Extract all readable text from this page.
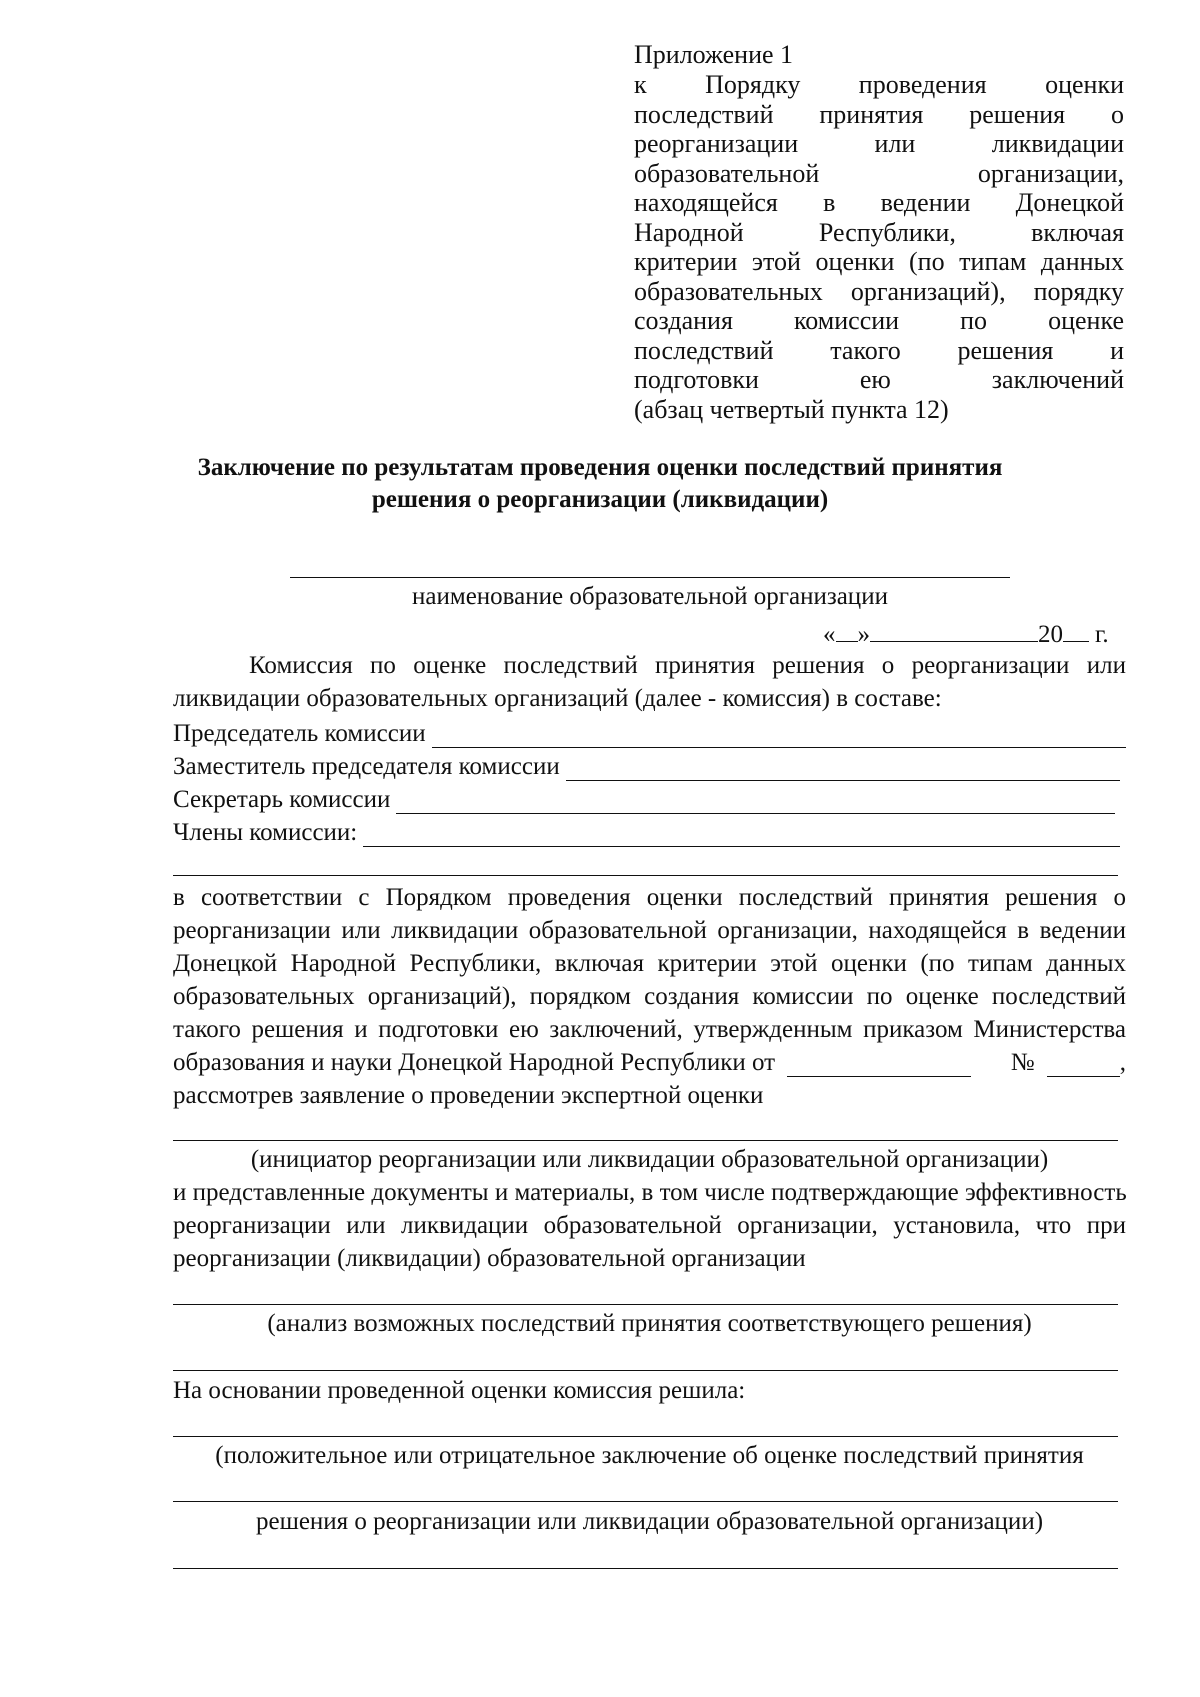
Приложение 1
к Порядку проведения оценки
последствий принятия решения о
реорганизации или ликвидации
образовательной организации,
находящейся в ведении Донецкой
Народной Республики, включая
критерии этой оценки (по типам данных
образовательных организаций), порядку
создания комиссии по оценке
последствий такого решения и
подготовки ею заключений
(абзац четвертый пункта 12)
Заключение по результатам проведения оценки последствий принятия
решения о реорганизации (ликвидации)
наименование образовательной организации
« »	20 г.
Комиссия по оценке последствий принятия решения о реорганизации или
ликвидации образовательных организаций (далее - комиссия) в составе:
Председатель комиссии
Заместитель председателя комиссии
Секретарь комиссии
Члены комиссии:
в соответствии с Порядком проведения оценки последствий принятия решения о
реорганизации или ликвидации образовательной организации, находящейся в ведении
Донецкой Народной Республики, включая критерии этой оценки (по типам данных
образовательных организаций), порядком создания комиссии по оценке последствий
такого решения и подготовки ею заключений, утвержденным приказом Министерства
образования и науки Донецкой Народной Республики от	№	,
рассмотрев заявление о проведении экспертной оценки
(инициатор реорганизации или ликвидации образовательной организации)
и представленные документы и материалы, в том числе подтверждающие эффективность
реорганизации или ликвидации образовательной организации, установила, что при
реорганизации (ликвидации) образовательной организации
(анализ возможных последствий принятия соответствующего решения)
На основании проведенной оценки комиссия решила:
(положительное или отрицательное заключение об оценке последствий принятия
решения о реорганизации или ликвидации образовательной организации)
